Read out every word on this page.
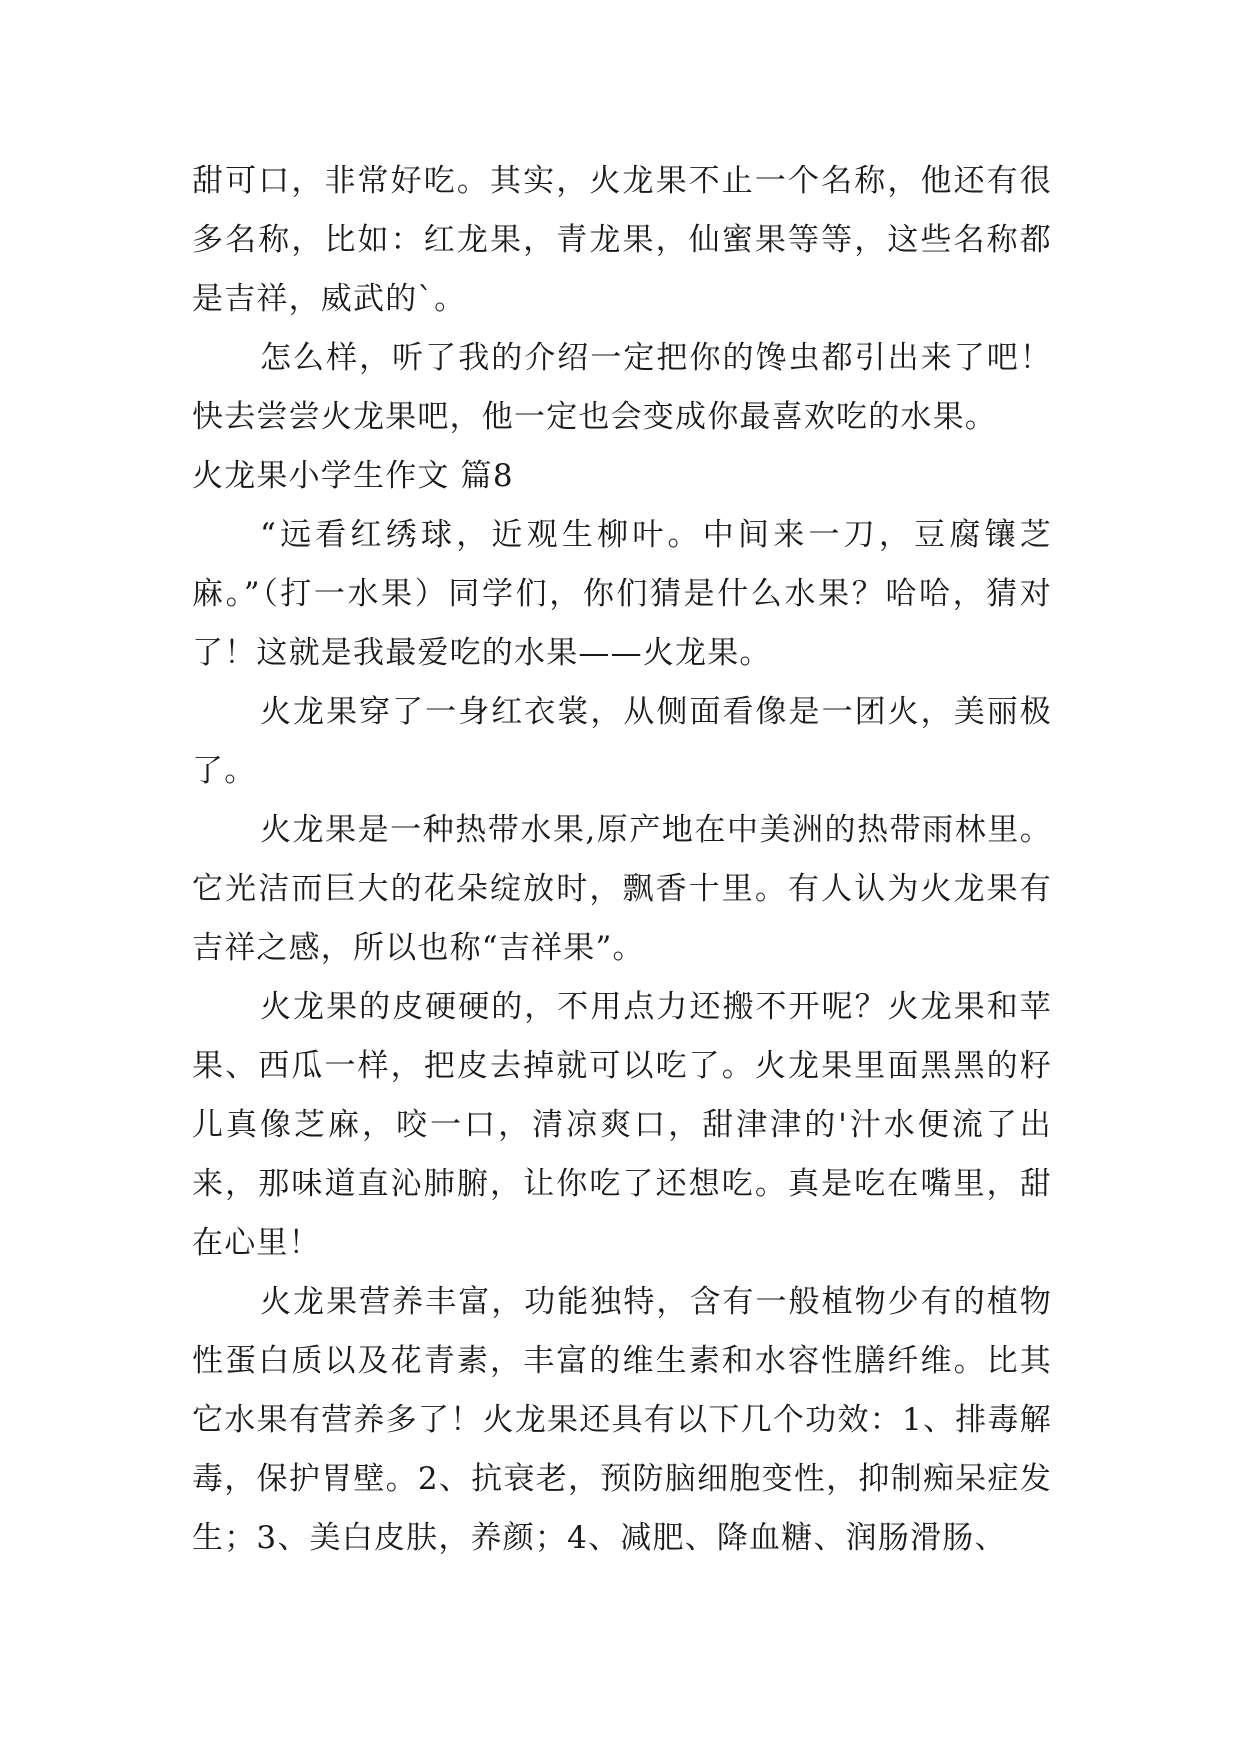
甜可口，非常好吃。其实，火龙果不止一个名称，他还有很多名称，比如：红龙果，青龙果，仙蜜果等等，这些名称都是吉祥，威武的`。

怎么样，听了我的介绍一定把你的馋虫都引出来了吧！快去尝尝火龙果吧，他一定也会变成你最喜欢吃的水果。

火龙果小学生作文 篇8

“远看红绣球，近观生柳叶。中间来一刀，豆腐镶芝麻。”（打一水果）同学们，你们猜是什么水果？哈哈，猜对了！这就是我最爱吃的水果——火龙果。

火龙果穿了一身红衣裳，从侧面看像是一团火，美丽极了。

火龙果是一种热带水果,原产地在中美洲的热带雨林里。它光洁而巨大的花朵绽放时，飘香十里。有人认为火龙果有吉祥之感，所以也称“吉祥果”。

火龙果的皮硬硬的，不用点力还搬不开呢？火龙果和苹果、西瓜一样，把皮去掉就可以吃了。火龙果里面黑黑的籽儿真像芝麻，咬一口，清凉爽口，甜津津的'汁水便流了出来，那味道直沁肺腑，让你吃了还想吃。真是吃在嘴里，甜在心里！

火龙果营养丰富，功能独特，含有一般植物少有的植物性蛋白质以及花青素，丰富的维生素和水容性膳纤维。比其它水果有营养多了！火龙果还具有以下几个功效：1、排毒解毒，保护胃壁。2、抗衰老，预防脑细胞变性，抑制痴呆症发生；3、美白皮肤，养颜；4、减肥、降血糖、润肠滑肠、
